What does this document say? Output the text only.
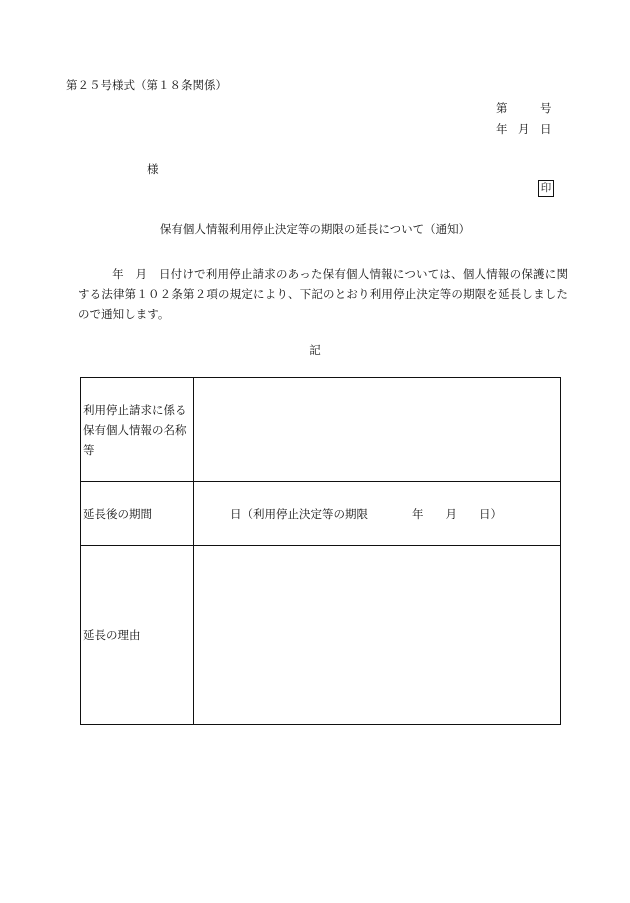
第２５号様式（第１８条関係）
第	号
年 月 日
様
印
保有個人情報利用停止決定等の期限の延長について（通知）
年　月　日付けで利用停止請求のあった保有個人情報については、個人情報の保護に関する法律第１０２条第２項の規定により、下記のとおり利用停止決定等の期限を延長しましたので通知します。
記
利用停止請求に係る保有個人情報の名称等	
延長後の期間	日（利用停止決定等の期限 年 月 日）

延長の理由	
